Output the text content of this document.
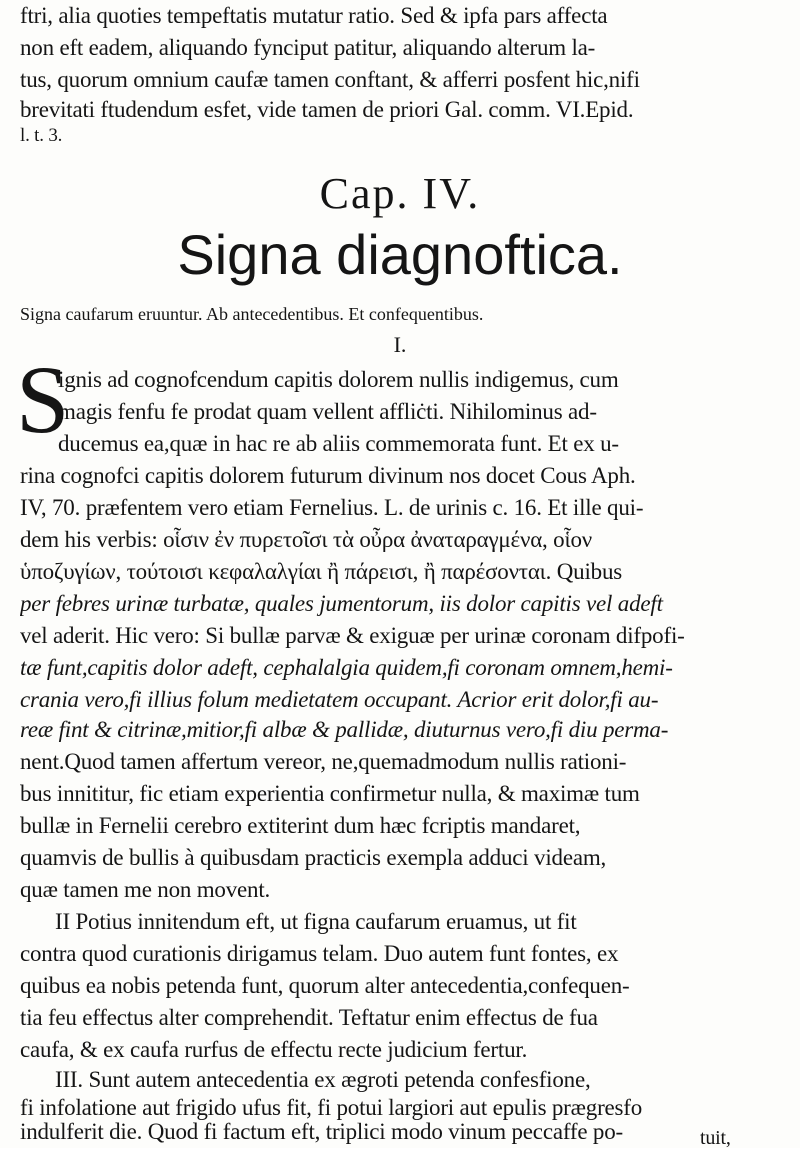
ftri, alia quoties tempeftatis mutatur ratio. Sed & ipfa pars affecta
non eft eadem, aliquando fynciput patitur, aliquando alterum la-
tus, quorum omnium caufæ tamen conftant, & afferri posfent hic,nifi
brevitati ftudendum esfet, vide tamen de priori Gal. comm. VI.Epid.
l. t. 3.
Cap. IV.
Signa diagnoftica.
Signa caufarum eruuntur. Ab antecedentibus. Et confequentibus.
I.
S
ignis ad cognofcendum capitis dolorem nullis indigemus, cum
magis fenfu fe prodat quam vellent affliċti. Nihilominus ad-
ducemus ea,quæ in hac re ab aliis commemorata funt. Et ex u-
rina cognofci capitis dolorem futurum divinum nos docet Cous Aph.
IV, 70. præfentem vero etiam Fernelius. L. de urinis c. 16. Et ille qui-
dem his verbis: οἷσιν ἐν πυρετοῖσι τὰ οὖρα ἀναταραγμένα, οἷον
ὑποζυγίων, τούτοισι κεφαλαλγίαι ἢ πάρεισι, ἢ παρέσονται. Quibus
per febres urinæ turbatæ, quales jumentorum, iis dolor capitis vel adeft
vel aderit. Hic vero: Si bullæ parvæ & exiguæ per urinæ coronam difpofi-
tæ funt,capitis dolor adeft, cephalalgia quidem,fi coronam omnem,hemi-
crania vero,fi illius folum medietatem occupant. Acrior erit dolor,fi au-
reæ fint & citrinæ,mitior,fi albæ & pallidæ, diuturnus vero,fi diu perma-
nent.Quod tamen affertum vereor, ne,quemadmodum nullis rationi-
bus innititur, fic etiam experientia confirmetur nulla, & maximæ tum
bullæ in Fernelii cerebro extiterint dum hæc fcriptis mandaret,
quamvis de bullis à quibusdam practicis exempla adduci videam,
quæ tamen me non movent.
II Potius innitendum eft, ut figna caufarum eruamus, ut fit
contra quod curationis dirigamus telam. Duo autem funt fontes, ex
quibus ea nobis petenda funt, quorum alter antecedentia,confequen-
tia feu effectus alter comprehendit. Teftatur enim effectus de fua
caufa, & ex caufa rurfus de effectu recte judicium fertur.
III. Sunt autem antecedentia ex ægroti petenda confesfione,
fi infolatione aut frigido ufus fit, fi potui largiori aut epulis prægresfo
indulferit die. Quod fi factum eft, triplici modo vinum peccaffe po-	tuit,
